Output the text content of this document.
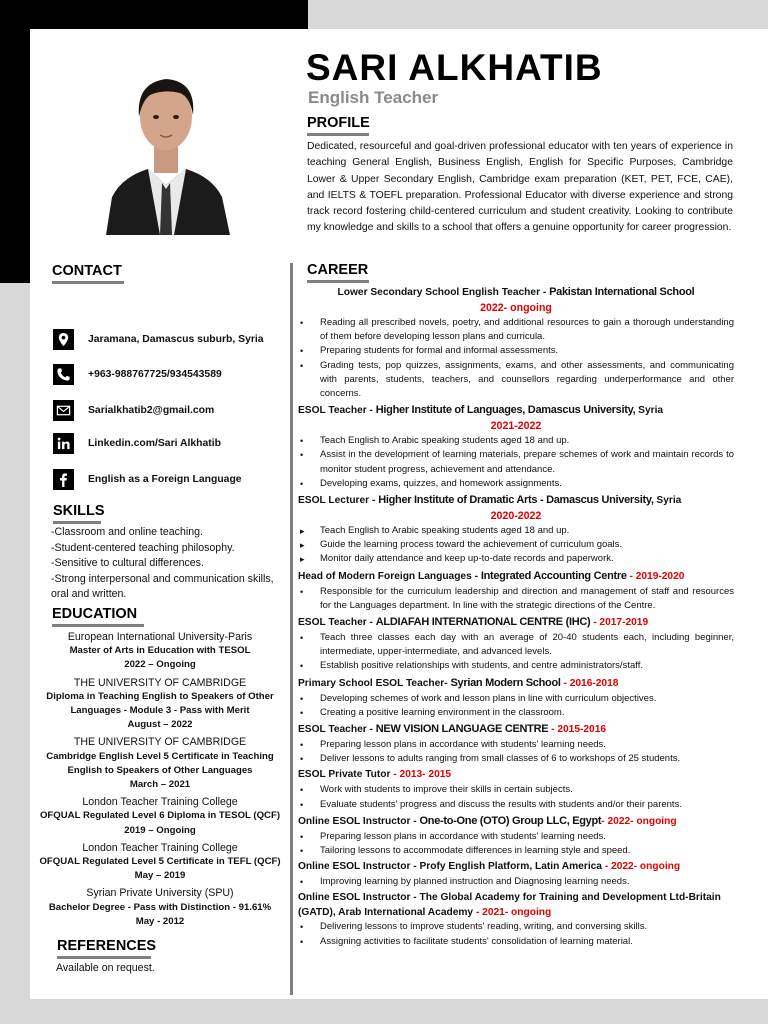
SARI ALKHATIB
English Teacher
PROFILE
Dedicated, resourceful and goal-driven professional educator with ten years of experience in teaching General English, Business English, English for Specific Purposes, Cambridge Lower & Upper Secondary English, Cambridge exam preparation (KET, PET, FCE, CAE), and IELTS & TOEFL preparation. Professional Educator with diverse experience and strong track record fostering child-centered curriculum and student creativity. Looking to contribute my knowledge and skills to a school that offers a genuine opportunity for career progression.
CONTACT
Jaramana, Damascus suburb, Syria
+963-988767725/934543589
Sarialkhatib2@gmail.com
Linkedin.com/Sari Alkhatib
English as a Foreign Language
SKILLS
-Classroom and online teaching.
-Student-centered teaching philosophy.
-Sensitive to cultural differences.
-Strong interpersonal and communication skills, oral and written.
EDUCATION
European International University-Paris
Master of Arts in Education with TESOL
2022 – Ongoing
THE UNIVERSITY OF CAMBRIDGE
Diploma in Teaching English to Speakers of Other Languages - Module 3 - Pass with Merit
August – 2022
THE UNIVERSITY OF CAMBRIDGE
Cambridge English Level 5 Certificate in Teaching English to Speakers of Other Languages
March – 2021
London Teacher Training College
OFQUAL Regulated Level 6 Diploma in TESOL (QCF)
2019 – Ongoing
London Teacher Training College
OFQUAL Regulated Level 5 Certificate in TEFL (QCF)
May – 2019
Syrian Private University (SPU)
Bachelor Degree - Pass with Distinction - 91.61%
May - 2012
REFERENCES
Available on request.
CAREER
Lower Secondary School English Teacher - Pakistan International School
2022- ongoing
• Reading all prescribed novels, poetry, and additional resources to gain a thorough understanding of them before developing lesson plans and curricula.
• Preparing students for formal and informal assessments.
• Grading tests, pop quizzes, assignments, exams, and other assessments, and communicating with parents, students, teachers, and counsellors regarding underperformance and other concerns.
ESOL Teacher - Higher Institute of Languages, Damascus University, Syria
2021-2022
• Teach English to Arabic speaking students aged 18 and up.
• Assist in the development of learning materials, prepare schemes of work and maintain records to monitor student progress, achievement and attendance.
• Developing exams, quizzes, and homework assignments.
ESOL Lecturer - Higher Institute of Dramatic Arts - Damascus University, Syria
2020-2022
▸ Teach English to Arabic speaking students aged 18 and up.
▸ Guide the learning process toward the achievement of curriculum goals.
▸ Monitor daily attendance and keep up-to-date records and paperwork.
Head of Modern Foreign Languages - Integrated Accounting Centre - 2019-2020
• Responsible for the curriculum leadership and direction and management of staff and resources for the Languages department. In line with the strategic directions of the Centre.
ESOL Teacher - ALDIAFAH INTERNATIONAL CENTRE (IHC) - 2017-2019
• Teach three classes each day with an average of 20-40 students each, including beginner, intermediate, upper-intermediate, and advanced levels.
• Establish positive relationships with students, and centre administrators/staff.
Primary School ESOL Teacher- Syrian Modern School - 2016-2018
• Developing schemes of work and lesson plans in line with curriculum objectives.
• Creating a positive learning environment in the classroom.
ESOL Teacher - NEW VISION LANGUAGE CENTRE - 2015-2016
• Preparing lesson plans in accordance with students' learning needs.
• Deliver lessons to adults ranging from small classes of 6 to workshops of 25 students.
ESOL Private Tutor - 2013- 2015
• Work with students to improve their skills in certain subjects.
• Evaluate students' progress and discuss the results with students and/or their parents.
Online ESOL Instructor - One-to-One (OTO) Group LLC, Egypt- 2022- ongoing
• Preparing lesson plans in accordance with students' learning needs.
• Tailoring lessons to accommodate differences in learning style and speed.
Online ESOL Instructor - Profy English Platform, Latin America - 2022- ongoing
• Improving learning by planned instruction and Diagnosing learning needs.
Online ESOL Instructor - The Global Academy for Training and Development Ltd-Britain (GATD), Arab International Academy - 2021- ongoing
• Delivering lessons to improve students' reading, writing, and conversing skills.
• Assigning activities to facilitate students' consolidation of learning material.
